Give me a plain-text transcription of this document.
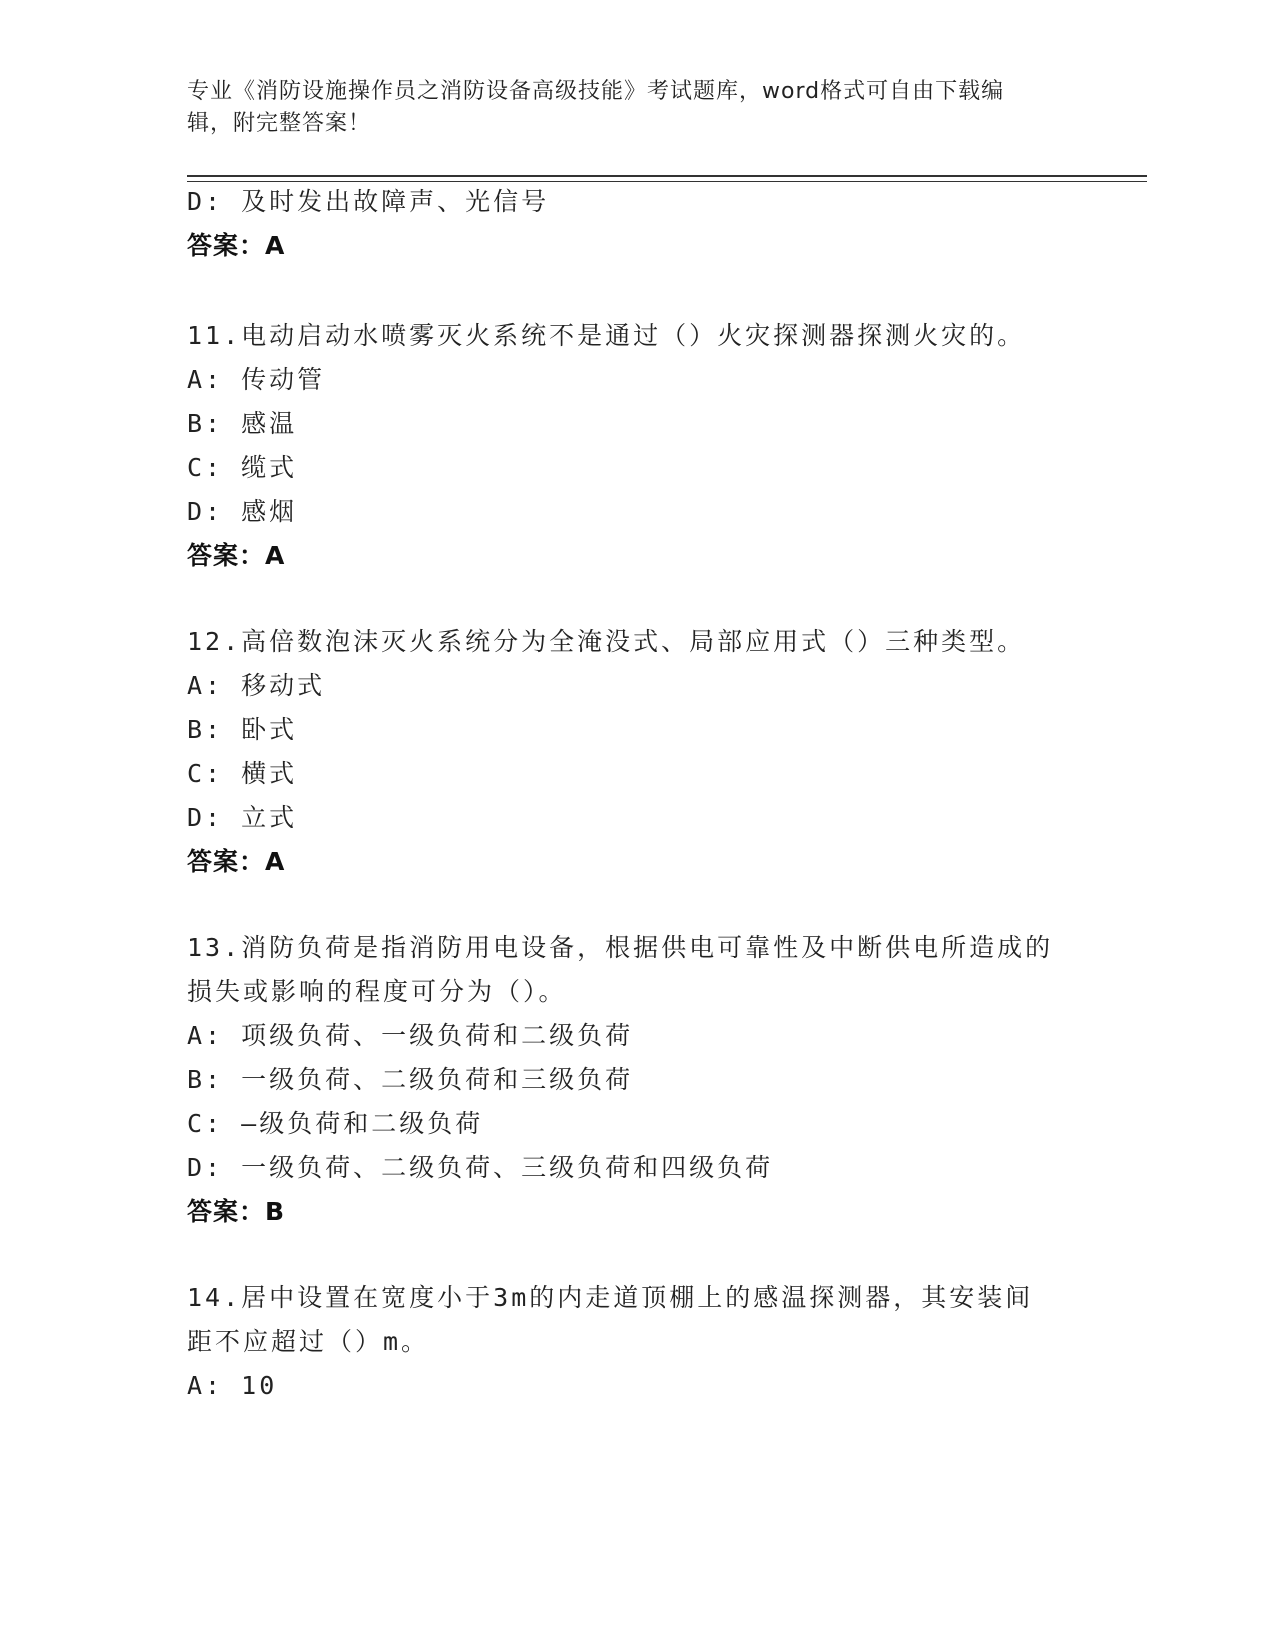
专业《消防设施操作员之消防设备高级技能》考试题库，word格式可自由下载编
辑，附完整答案！
D: 及时发出故障声、光信号
答案：A
11.电动启动水喷雾灭火系统不是通过（）火灾探测器探测火灾的。
A: 传动管
B: 感温
C: 缆式
D: 感烟
答案：A
12.高倍数泡沫灭火系统分为全淹没式、局部应用式（）三种类型。
A: 移动式
B: 卧式
C: 横式
D: 立式
答案：A
13.消防负荷是指消防用电设备，根据供电可靠性及中断供电所造成的
损失或影响的程度可分为（）。
A: 项级负荷、一级负荷和二级负荷
B: 一级负荷、二级负荷和三级负荷
C: —级负荷和二级负荷
D: 一级负荷、二级负荷、三级负荷和四级负荷
答案：B
14.居中设置在宽度小于3m的内走道顶棚上的感温探测器，其安装间
距不应超过（）m。
A: 10
